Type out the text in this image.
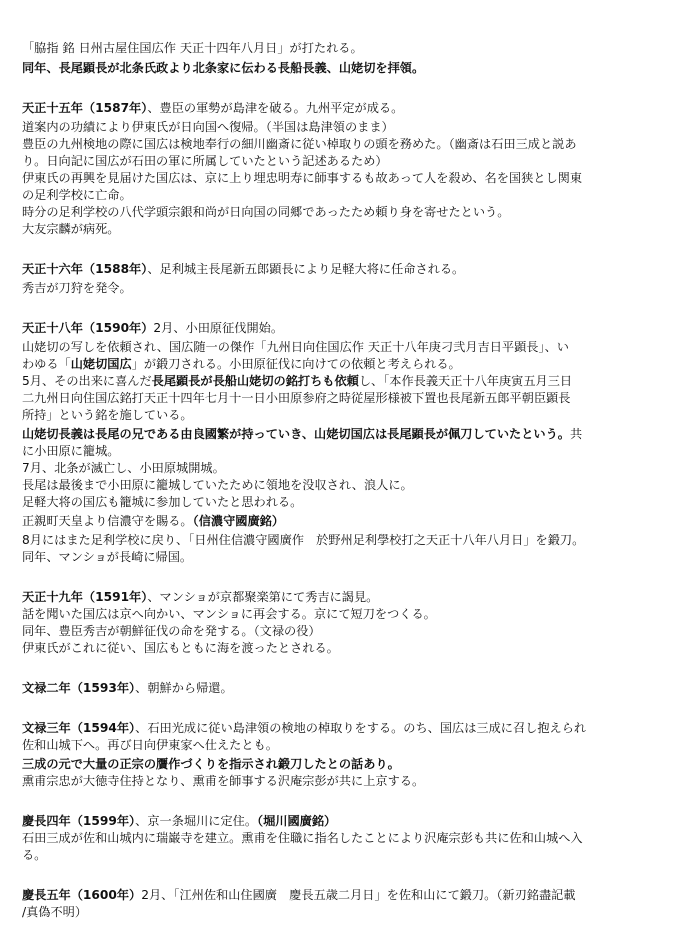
「脇指 銘 日州古屋住国広作 天正十四年八月日」が打たれる。
同年、長尾顕長が北条氏政より北条家に伝わる長船長義、山姥切を拝領。
天正十五年（1587年）、豊臣の軍勢が島津を破る。九州平定が成る。
道案内の功績により伊東氏が日向国へ復帰。（半国は島津領のまま）
豊臣の九州検地の際に国広は検地奉行の細川幽斎に従い棹取りの頭を務めた。（幽斎は石田三成と説あ
り。日向記に国広が石田の軍に所属していたという記述あるため）
伊東氏の再興を見届けた国広は、京に上り埋忠明寿に師事するも故あって人を殺め、名を国狭とし関東
の足利学校に亡命。
時分の足利学校の八代学頭宗銀和尚が日向国の同郷であったため頼り身を寄せたという。
大友宗麟が病死。
天正十六年（1588年）、足利城主長尾新五郎顕長により足軽大将に任命される。
秀吉が刀狩を発令。
天正十八年（1590年）2月、小田原征伐開始。
山姥切の写しを依頼され、国広随一の傑作「九州日向住国広作 天正十八年庚刁弐月吉日平顕長」、い
わゆる「山姥切国広」が鍛刀される。小田原征伐に向けての依頼と考えられる。
5月、その出来に喜んだ長尾顕長が長船山姥切の銘打ちも依頼し、「本作長義天正十八年庚寅五月三日
二九州日向住国広銘打天正十四年七月十一日小田原参府之時従屋形様被下置也長尾新五郎平朝臣顕長
所持」という銘を施している。
山姥切長義は長尾の兄である由良國繁が持っていき、山姥切国広は長尾顕長が佩刀していたという。共
に小田原に籠城。
7月、北条が滅亡し、小田原城開城。
長尾は最後まで小田原に籠城していたために領地を没収され、浪人に。
足軽大将の国広も籠城に参加していたと思われる。
正親町天皇より信濃守を賜る。（信濃守國廣銘）
8月にはまた足利学校に戻り、「日州住信濃守國廣作　於野州足利學校打之天正十八年八月日」を鍛刀。
同年、マンショが長崎に帰国。
天正十九年（1591年）、マンショが京都聚楽第にて秀吉に謁見。
話を聞いた国広は京へ向かい、マンショに再会する。京にて短刀をつくる。
同年、豊臣秀吉が朝鮮征伐の命を発する。（文禄の役）
伊東氏がこれに従い、国広もともに海を渡ったとされる。
文禄二年（1593年）、朝鮮から帰還。
文禄三年（1594年）、石田光成に従い島津領の検地の棹取りをする。のち、国広は三成に召し抱えられ
佐和山城下へ。再び日向伊東家へ仕えたとも。
三成の元で大量の正宗の贋作づくりを指示され鍛刀したとの話あり。
熏甫宗忠が大徳寺住持となり、熏甫を師事する沢庵宗彭が共に上京する。
慶長四年（1599年）、京一条堀川に定住。（堀川國廣銘）
石田三成が佐和山城内に瑞巌寺を建立。熏甫を住職に指名したことにより沢庵宗彭も共に佐和山城へ入
る。
慶長五年（1600年）2月、「江州佐和山住國廣　慶長五歳二月日」を佐和山にて鍛刀。（新刃銘盡記載
/真偽不明）
